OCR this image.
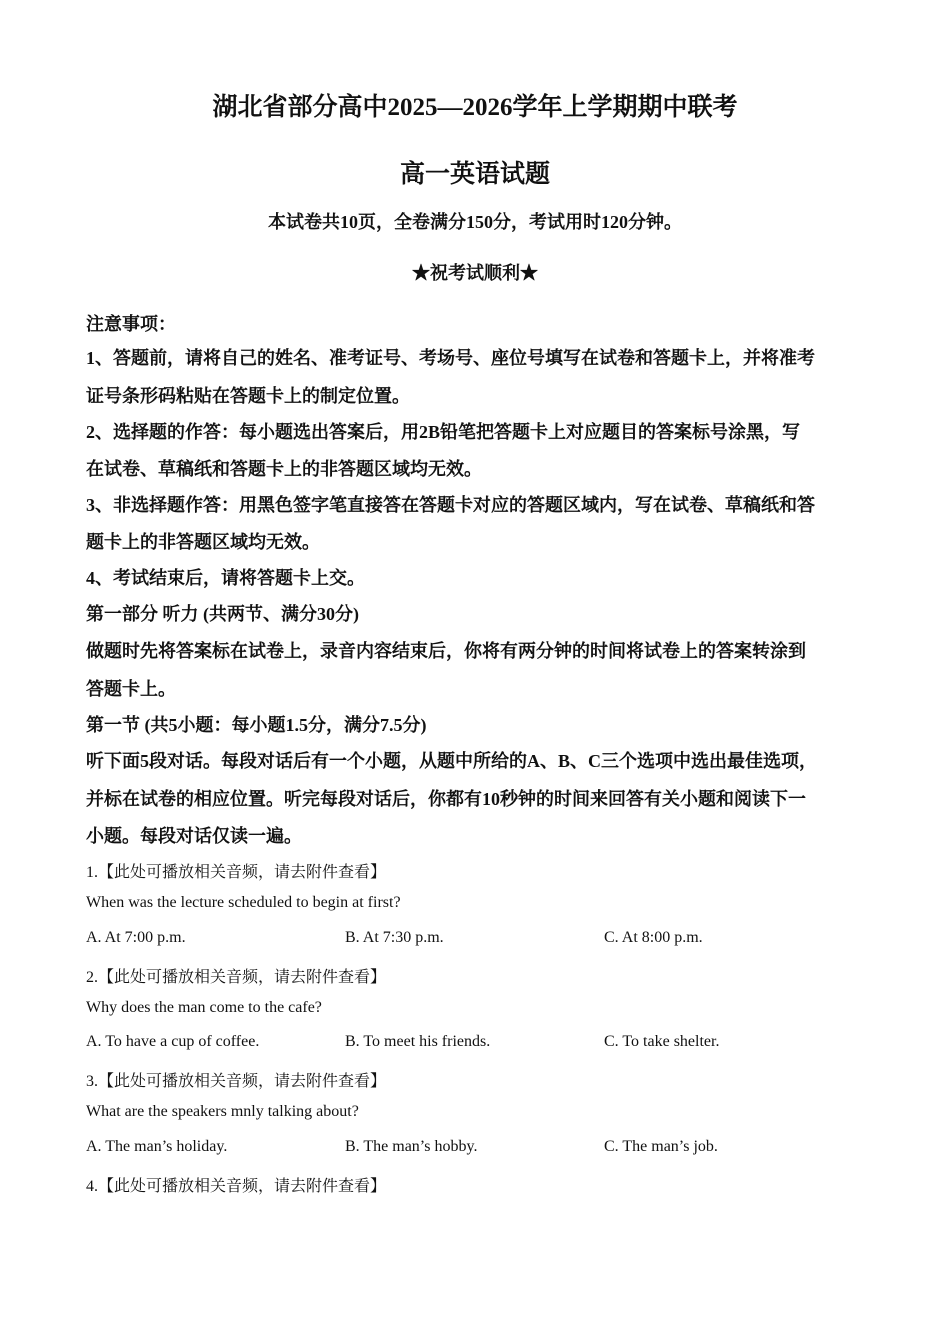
湖北省部分高中2025—2026学年上学期期中联考
高一英语试题
本试卷共10页，全卷满分150分，考试用时120分钟。
★祝考试顺利★
注意事项：
1、答题前，请将自己的姓名、准考证号、考场号、座位号填写在试卷和答题卡上，并将准考
证号条形码粘贴在答题卡上的制定位置。
2、选择题的作答：每小题选出答案后，用2B铅笔把答题卡上对应题目的答案标号涂黑，写
在试卷、草稿纸和答题卡上的非答题区域均无效。
3、非选择题作答：用黑色签字笔直接答在答题卡对应的答题区域内，写在试卷、草稿纸和答
题卡上的非答题区域均无效。
4、考试结束后，请将答题卡上交。
第一部分 听力 (共两节、满分30分)
做题时先将答案标在试卷上，录音内容结束后，你将有两分钟的时间将试卷上的答案转涂到
答题卡上。
第一节 (共5小题：每小题1.5分，满分7.5分)
听下面5段对话。每段对话后有一个小题，从题中所给的A、B、C三个选项中选出最佳选项，
并标在试卷的相应位置。听完每段对话后，你都有10秒钟的时间来回答有关小题和阅读下一
小题。每段对话仅读一遍。
1.【此处可播放相关音频，请去附件查看】
When was the lecture scheduled to begin at first?
A. At 7:00 p.m.	B. At 7:30 p.m.	C. At 8:00 p.m.
2.【此处可播放相关音频，请去附件查看】
Why does the man come to the cafe?
A. To have a cup of coffee.	B. To meet his friends.	C. To take shelter.
3.【此处可播放相关音频，请去附件查看】
What are the speakers mnly talking about?
A. The man’s holiday.	B. The man’s hobby.	C. The man’s job.
4.【此处可播放相关音频，请去附件查看】
